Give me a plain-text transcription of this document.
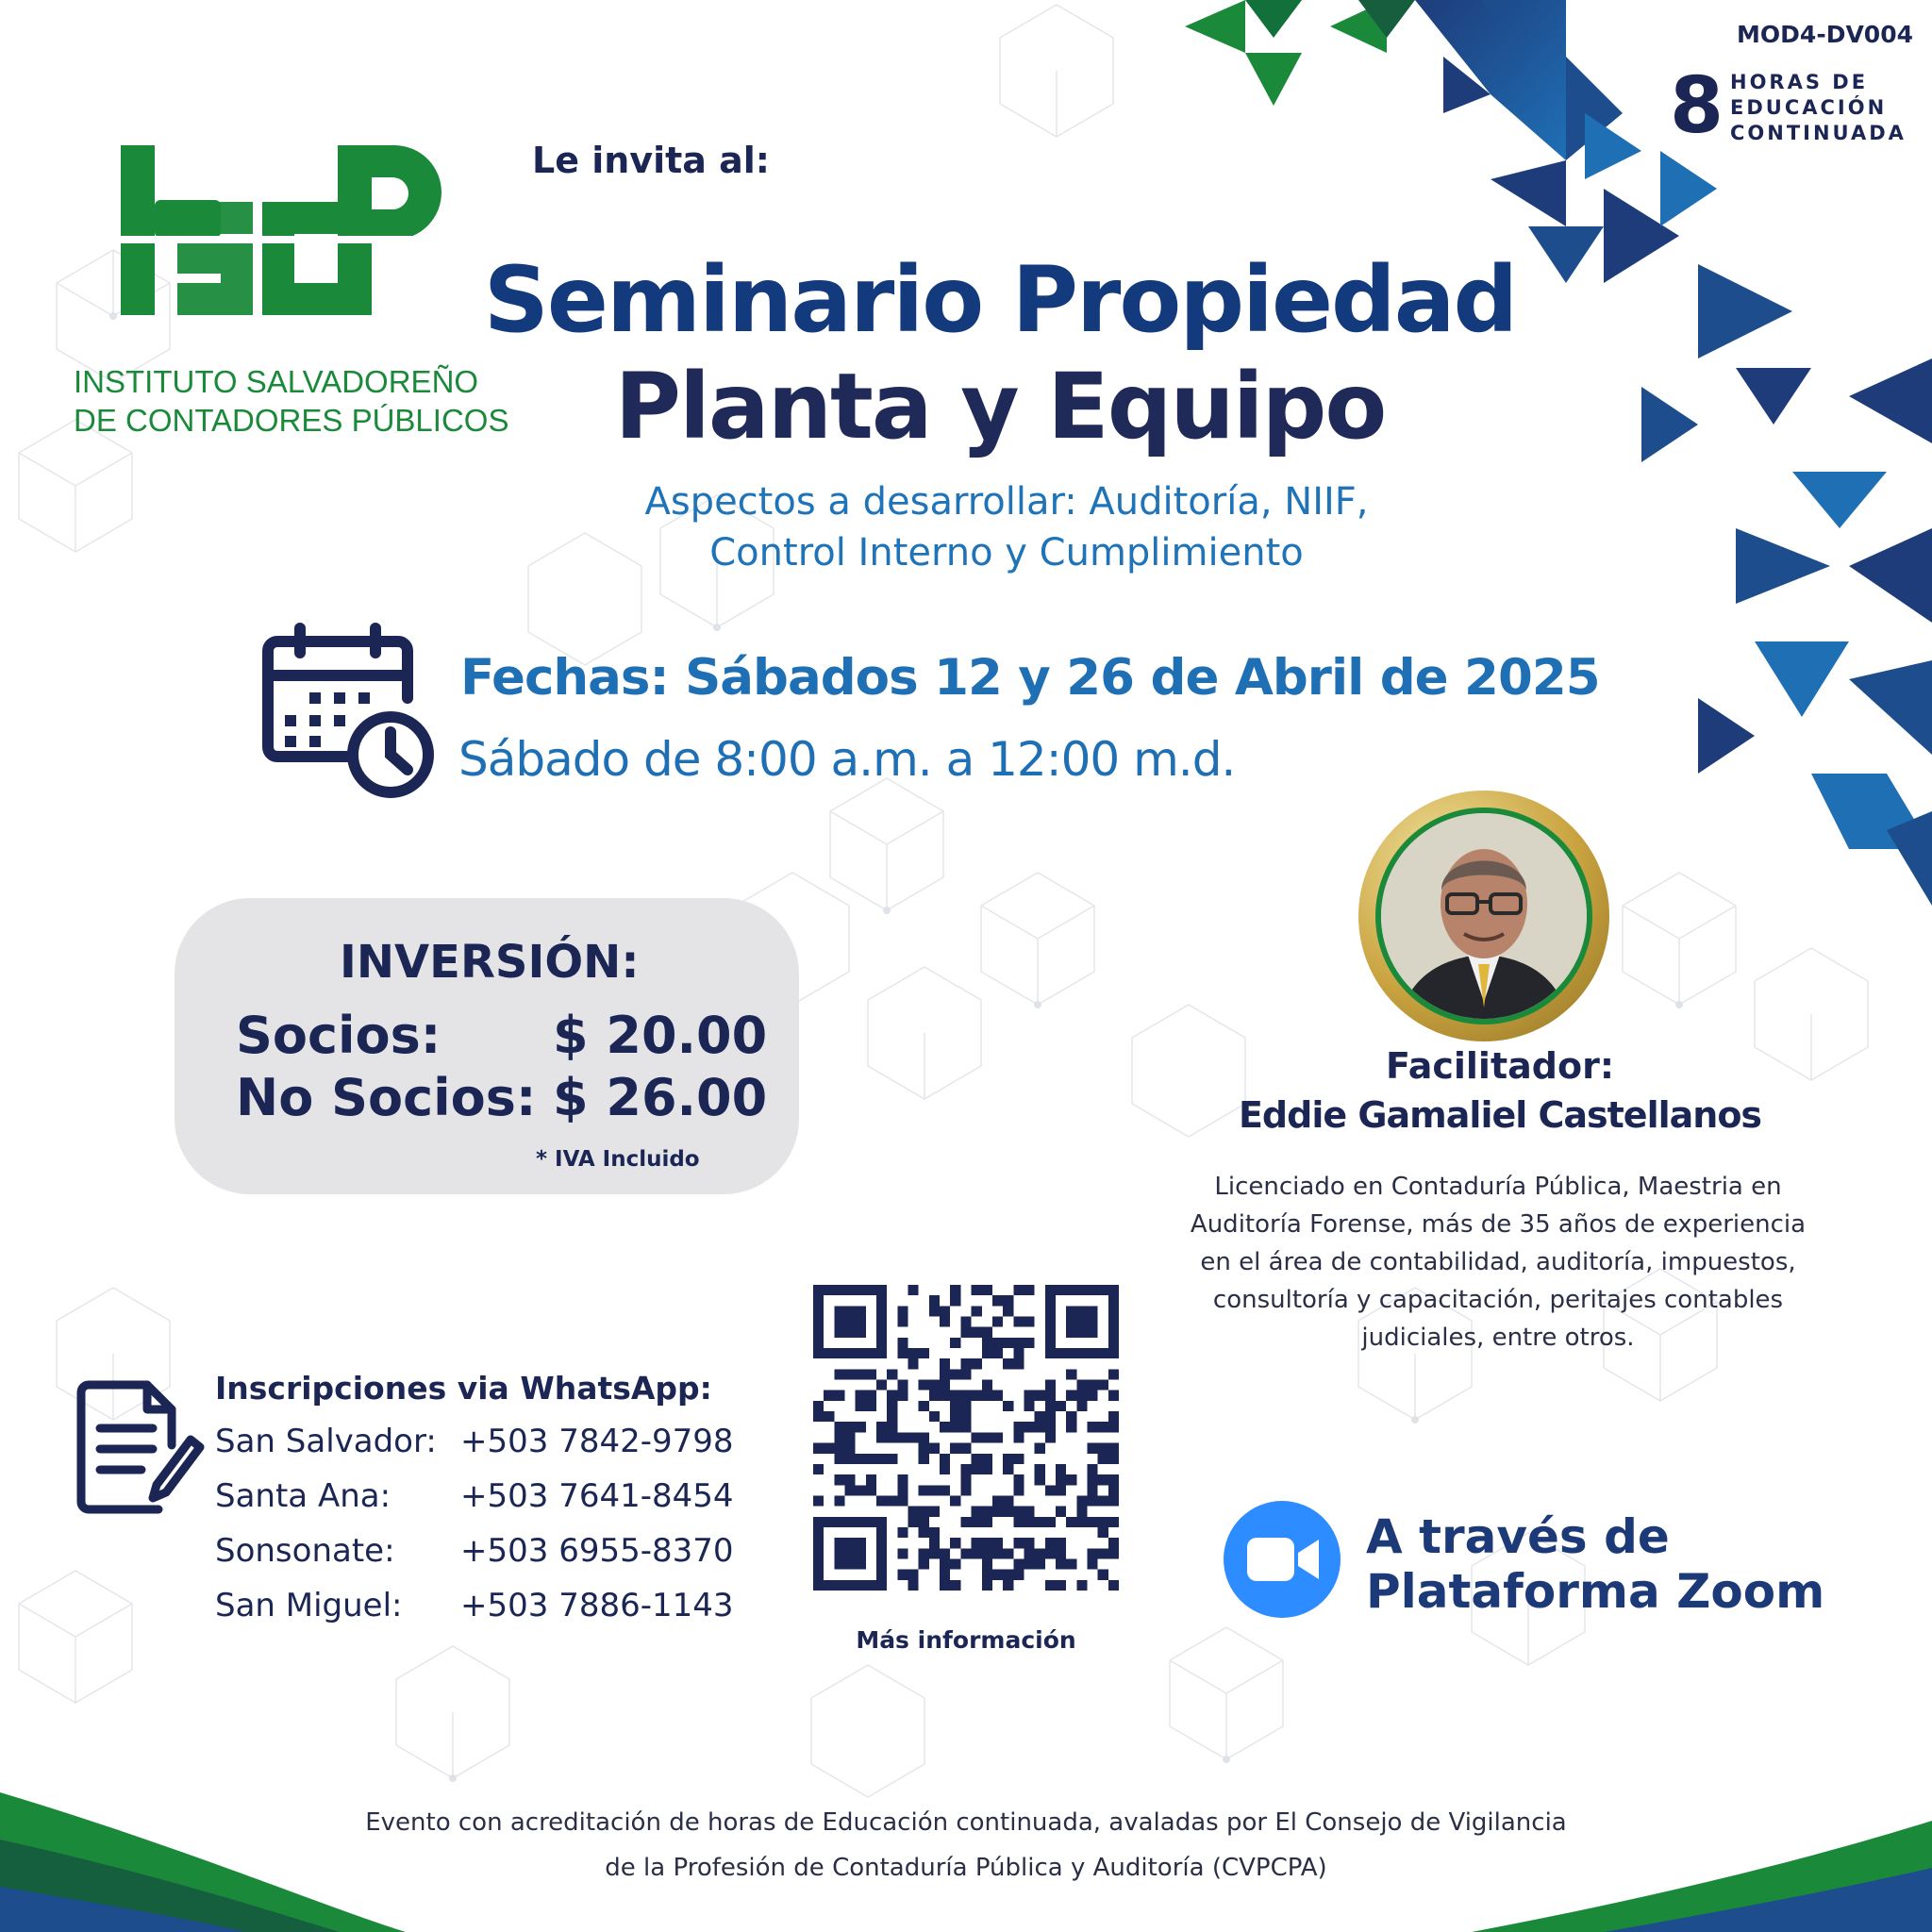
MOD4-DV004
8 HORAS DE
EDUCACIÓN
CONTINUADA
INSTITUTO SALVADOREÑO
DE CONTADORES PÚBLICOS
Le invita al:
Seminario Propiedad
Planta y Equipo
Aspectos a desarrollar: Auditoría, NIIF,
Control Interno y Cumplimiento
Fechas: Sábados 12 y 26 de Abril de 2025
Sábado de 8:00 a.m. a 12:00 m.d.
INVERSIÓN:
Socios: $ 20.00
No Socios: $ 26.00
* IVA Incluido
Facilitador:
Eddie Gamaliel Castellanos
Licenciado en Contaduría Pública, Maestria en
Auditoría Forense, más de 35 años de experiencia
en el área de contabilidad, auditoría, impuestos,
consultoría y capacitación, peritajes contables
judiciales, entre otros.
Inscripciones via WhatsApp:
San Salvador: +503 7842-9798
Santa Ana: +503 7641-8454
Sonsonate: +503 6955-8370
San Miguel: +503 7886-1143
Más información
A través de
Plataforma Zoom
Evento con acreditación de horas de Educación continuada, avaladas por El Consejo de Vigilancia
de la Profesión de Contaduría Pública y Auditoría (CVPCPA)
